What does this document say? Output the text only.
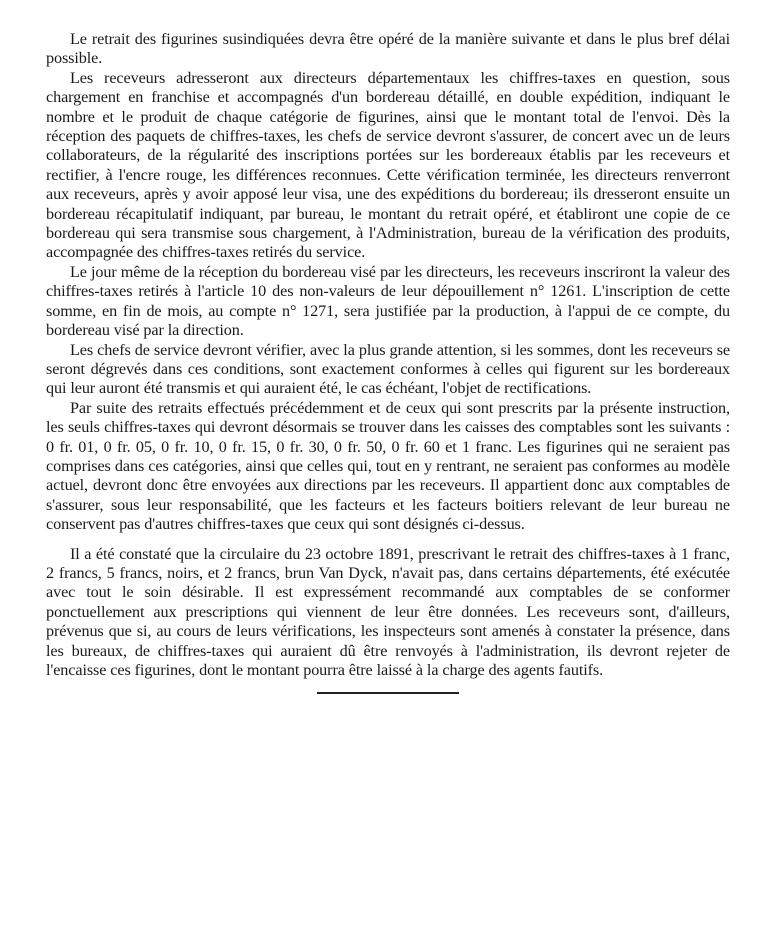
Le retrait des figurines susindiquées devra être opéré de la manière suivante et dans le plus bref délai possible.

Les receveurs adresseront aux directeurs départementaux les chiffres-taxes en question, sous chargement en franchise et accompagnés d'un bordereau détaillé, en double expédition, indiquant le nombre et le produit de chaque catégorie de figurines, ainsi que le montant total de l'envoi. Dès la réception des paquets de chiffres-taxes, les chefs de service devront s'assurer, de concert avec un de leurs collaborateurs, de la régularité des inscriptions portées sur les bordereaux établis par les receveurs et rectifier, à l'encre rouge, les différences reconnues. Cette vérification terminée, les directeurs renverront aux receveurs, après y avoir apposé leur visa, une des expéditions du bordereau; ils dresseront ensuite un bordereau récapitulatif indiquant, par bureau, le montant du retrait opéré, et établiront une copie de ce bordereau qui sera transmise sous chargement, à l'Administration, bureau de la vérification des produits, accompagnée des chiffres-taxes retirés du service.

Le jour même de la réception du bordereau visé par les directeurs, les receveurs inscriront la valeur des chiffres-taxes retirés à l'article 10 des non-valeurs de leur dépouillement n° 1261. L'inscription de cette somme, en fin de mois, au compte n° 1271, sera justifiée par la production, à l'appui de ce compte, du bordereau visé par la direction.

Les chefs de service devront vérifier, avec la plus grande attention, si les sommes, dont les receveurs se seront dégrevés dans ces conditions, sont exactement conformes à celles qui figurent sur les bordereaux qui leur auront été transmis et qui auraient été, le cas échéant, l'objet de rectifications.

Par suite des retraits effectués précédemment et de ceux qui sont prescrits par la présente instruction, les seuls chiffres-taxes qui devront désormais se trouver dans les caisses des comptables sont les suivants : 0 fr. 01, 0 fr. 05, 0 fr. 10, 0 fr. 15, 0 fr. 30, 0 fr. 50, 0 fr. 60 et 1 franc. Les figurines qui ne seraient pas comprises dans ces catégories, ainsi que celles qui, tout en y rentrant, ne seraient pas conformes au modèle actuel, devront donc être envoyées aux directions par les receveurs. Il appartient donc aux comptables de s'assurer, sous leur responsabilité, que les facteurs et les facteurs boitiers relevant de leur bureau ne conservent pas d'autres chiffres-taxes que ceux qui sont désignés ci-dessus.

Il a été constaté que la circulaire du 23 octobre 1891, prescrivant le retrait des chiffres-taxes à 1 franc, 2 francs, 5 francs, noirs, et 2 francs, brun Van Dyck, n'avait pas, dans certains départements, été exécutée avec tout le soin désirable. Il est expressément recommandé aux comptables de se conformer ponctuellement aux prescriptions qui viennent de leur être données. Les receveurs sont, d'ailleurs, prévenus que si, au cours de leurs vérifications, les inspecteurs sont amenés à constater la présence, dans les bureaux, de chiffres-taxes qui auraient dû être renvoyés à l'administration, ils devront rejeter de l'encaisse ces figurines, dont le montant pourra être laissé à la charge des agents fautifs.
